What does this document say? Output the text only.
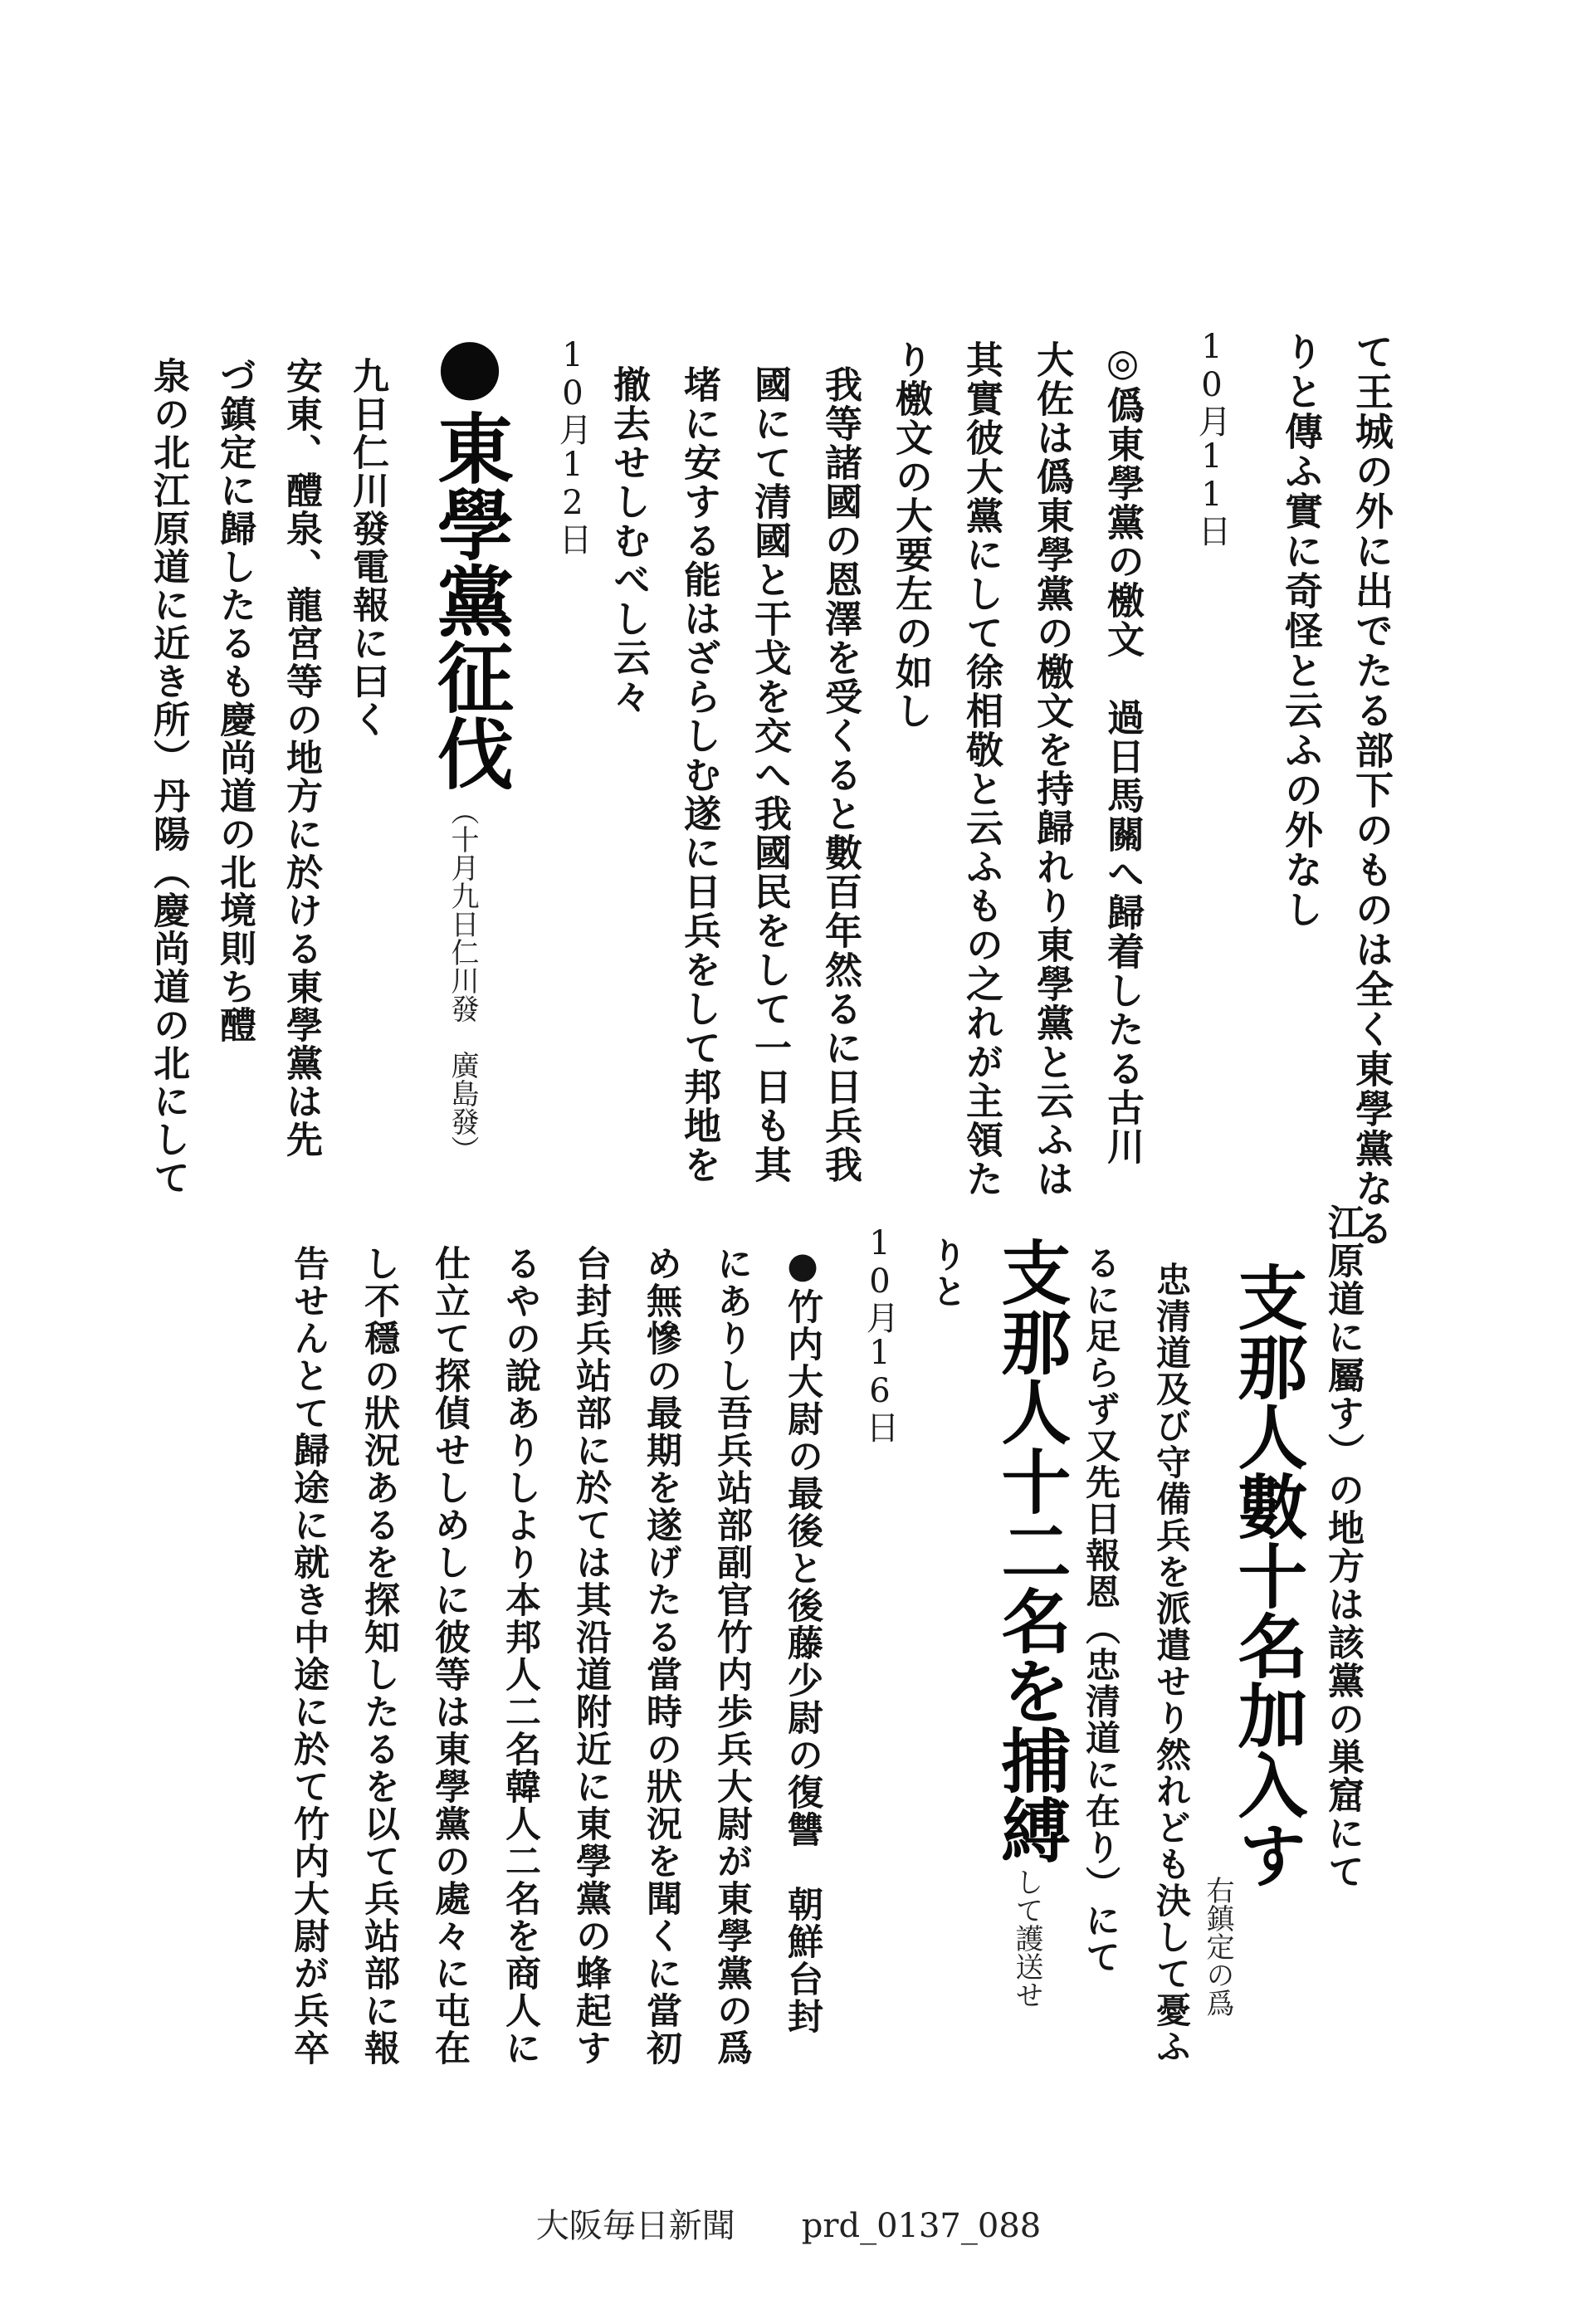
て王城の外に出でたる部下のものは全く東學黨なる
りと傳ふ實に奇怪と云ふの外なし
10月11日
◎僞東學黨の檄文　過日馬關へ歸着したる古川
大佐は僞東學黨の檄文を持歸れり東學黨と云ふは
其實彼大黨にして徐相敬と云ふもの之れが主領た
り檄文の大要左の如し
我等諸國の恩澤を受くると數百年然るに日兵我
國にて清國と干戈を交へ我國民をして一日も其
堵に安する能はざらしむ遂に日兵をして邦地を
撤去せしむべし云々
10月12日
●東學黨征伐
（十月九日仁川發　廣島發）
九日仁川發電報に曰く
安東、醴泉、龍宮等の地方に於ける東學黨は先
づ鎮定に歸したるも慶尚道の北境則ち醴
泉の北江原道に近き所）丹陽（慶尚道の北にして
江原道に屬す）の地方は該黨の巣窟にて
支那人數十名加入す
右鎮定の爲
忠清道及び守備兵を派遣せり然れども決して憂ふ
るに足らず又先日報恩（忠清道に在り）にて
支那人十二名を捕縛
して護送せ
りと
10月16日
●竹内大尉の最後と後藤少尉の復讐　朝鮮台封
にありし吾兵站部副官竹内歩兵大尉が東學黨の爲
め無慘の最期を遂げたる當時の狀況を聞くに當初
台封兵站部に於ては其沿道附近に東學黨の蜂起す
るやの說ありしより本邦人二名韓人二名を商人に
仕立て探偵せしめしに彼等は東學黨の處々に屯在
し不穩の狀況あるを探知したるを以て兵站部に報
告せんとて歸途に就き中途に於て竹内大尉が兵卒
大阪毎日新聞 prd_0137_088
